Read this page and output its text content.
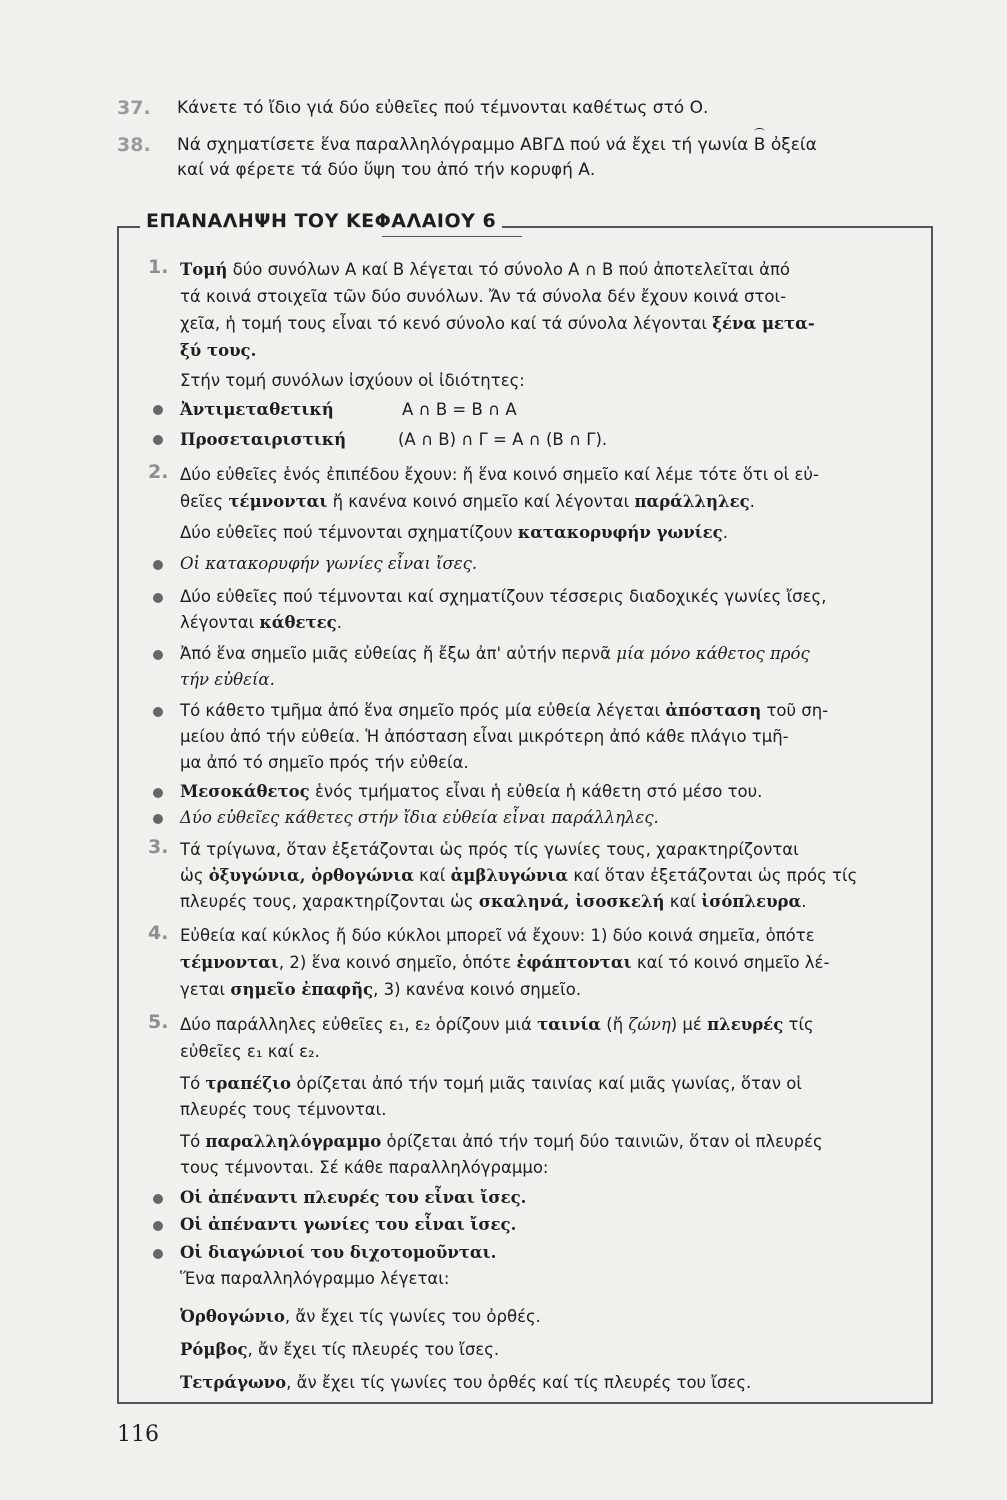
37. Κάνετε τό ἴδιο γιά δύο εὐθεῖες πού τέμνονται καθέτως στό Ο.
38. Νά σχηματίσετε ἕνα παραλληλόγραμμο ΑΒΓΔ πού νά ἔχει τή γωνία Β ὀξεία
καί νά φέρετε τά δύο ὕψη του ἀπό τήν κορυφή Α.
ΕΠΑΝΑΛΗΨΗ ΤΟΥ ΚΕΦΑΛΑΙΟΥ 6
1. Τομή δύο συνόλων Α καί Β λέγεται τό σύνολο Α ∩ Β πού ἀποτελεῖται ἀπό
τά κοινά στοιχεῖα τῶν δύο συνόλων. Ἄν τά σύνολα δέν ἔχουν κοινά στοι-
χεῖα, ἡ τομή τους εἶναι τό κενό σύνολο καί τά σύνολα λέγονται ξένα μετα-
ξύ τους.
Στήν τομή συνόλων ἰσχύουν οἱ ἰδιότητες:
Ἀντιμεταθετική	Α ∩ Β = Β ∩ Α
Προσεταιριστική	(Α ∩ Β) ∩ Γ = Α ∩ (Β ∩ Γ).
2. Δύο εὐθεῖες ἑνός ἐπιπέδου ἔχουν: ἤ ἕνα κοινό σημεῖο καί λέμε τότε ὅτι οἱ εὐ-
θεῖες τέμνονται ἤ κανένα κοινό σημεῖο καί λέγονται παράλληλες.
Δύο εὐθεῖες πού τέμνονται σχηματίζουν κατακορυφήν γωνίες.
Οἱ κατακορυφήν γωνίες εἶναι ἴσες.
Δύο εὐθεῖες πού τέμνονται καί σχηματίζουν τέσσερις διαδοχικές γωνίες ἴσες,
λέγονται κάθετες.
Ἀπό ἕνα σημεῖο μιᾶς εὐθείας ἤ ἔξω ἀπ' αὐτήν περνᾶ μία μόνο κάθετος πρός
τήν εὐθεία.
Τό κάθετο τμῆμα ἀπό ἕνα σημεῖο πρός μία εὐθεία λέγεται ἀπόσταση τοῦ ση-
μείου ἀπό τήν εὐθεία. Ἡ ἀπόσταση εἶναι μικρότερη ἀπό κάθε πλάγιο τμῆ-
μα ἀπό τό σημεῖο πρός τήν εὐθεία.
Μεσοκάθετος ἑνός τμήματος εἶναι ἡ εὐθεία ἡ κάθετη στό μέσο του.
Δύο εὐθεῖες κάθετες στήν ἴδια εὐθεία εἶναι παράλληλες.
3. Τά τρίγωνα, ὅταν ἐξετάζονται ὡς πρός τίς γωνίες τους, χαρακτηρίζονται
ὡς ὀξυγώνια, ὀρθογώνια καί ἀμβλυγώνια καί ὅταν ἐξετάζονται ὡς πρός τίς
πλευρές τους, χαρακτηρίζονται ὡς σκαληνά, ἰσοσκελή καί ἰσόπλευρα.
4. Εὐθεία καί κύκλος ἤ δύο κύκλοι μπορεῖ νά ἔχουν: 1) δύο κοινά σημεῖα, ὁπότε
τέμνονται, 2) ἕνα κοινό σημεῖο, ὁπότε ἐφάπτονται καί τό κοινό σημεῖο λέ-
γεται σημεῖο ἐπαφῆς, 3) κανένα κοινό σημεῖο.
5. Δύο παράλληλες εὐθεῖες ε₁, ε₂ ὁρίζουν μιά ταινία (ἤ ζώνη) μέ πλευρές τίς
εὐθεῖες ε₁ καί ε₂.
Τό τραπέζιο ὁρίζεται ἀπό τήν τομή μιᾶς ταινίας καί μιᾶς γωνίας, ὅταν οἱ
πλευρές τους τέμνονται.
Τό παραλληλόγραμμο ὁρίζεται ἀπό τήν τομή δύο ταινιῶν, ὅταν οἱ πλευρές
τους τέμνονται. Σέ κάθε παραλληλόγραμμο:
Οἱ ἀπέναντι πλευρές του εἶναι ἴσες.
Οἱ ἀπέναντι γωνίες του εἶναι ἴσες.
Οἱ διαγώνιοί του διχοτομοῦνται.
Ἕνα παραλληλόγραμμο λέγεται:
Ὀρθογώνιο, ἄν ἔχει τίς γωνίες του ὀρθές.
Ρόμβος, ἄν ἔχει τίς πλευρές του ἴσες.
Τετράγωνο, ἄν ἔχει τίς γωνίες του ὀρθές καί τίς πλευρές του ἴσες.
116
